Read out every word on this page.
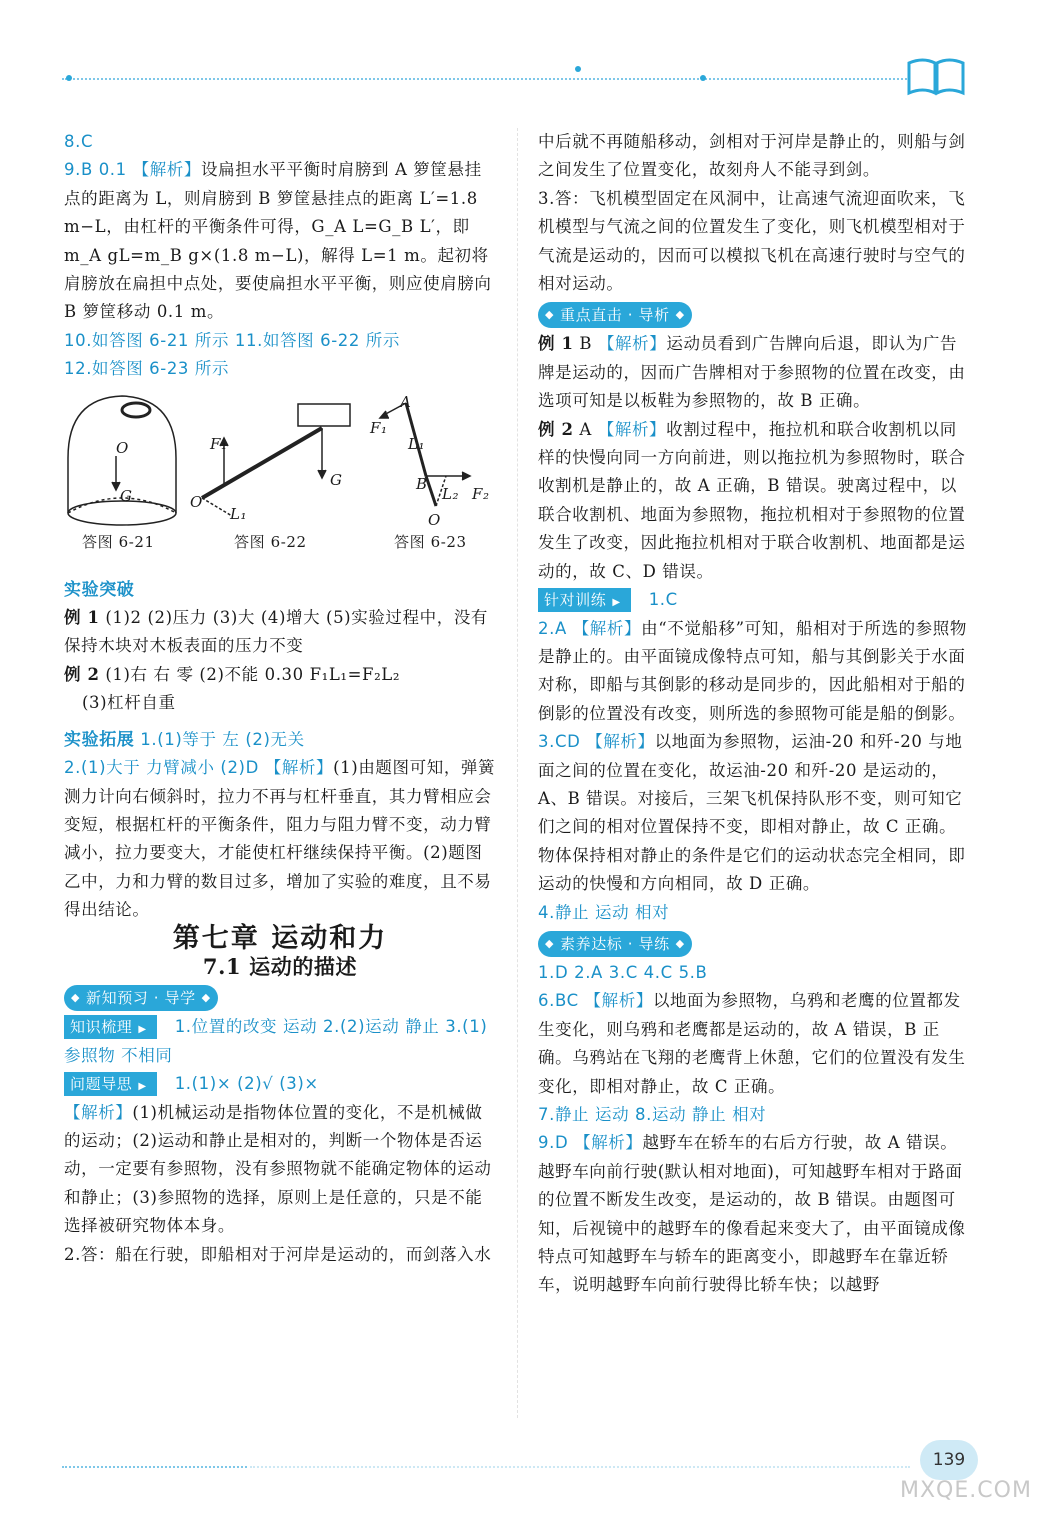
8.C

9.B 0.1 【解析】设扁担水平平衡时肩膀到 A 箩筐悬挂点的距离为 L，则肩膀到 B 箩筐悬挂点的距离 L′=1.8 m−L，由杠杆的平衡条件可得，G_A L=G_B L′，即 m_A gL=m_B g×(1.8 m−L)，解得 L=1 m。起初将肩膀放在扁担中点处，要使扁担水平平衡，则应使肩膀向 B 箩筐移动 0.1 m。

10.如答图 6-21 所示 11.如答图 6-22 所示

12.如答图 6-23 所示

O
G
F₁
O
L₁
G
A
F₁
L₁
B
L₂ F₂
O
答图 6-21	答图 6-22	答图 6-23

实验突破

例 1 (1)2 (2)压力 (3)大 (4)增大 (5)实验过程中，没有保持木块对木板表面的压力不变

例 2 (1)右 右 零 (2)不能 0.30 F₁L₁=F₂L₂

(3)杠杆自重

实验拓展 1.(1)等于 左 (2)无关

2.(1)大于 力臂减小 (2)D 【解析】(1)由题图可知，弹簧测力计向右倾斜时，拉力不再与杠杆垂直，其力臂相应会变短，根据杠杆的平衡条件，阻力与阻力臂不变，动力臂减小，拉力要变大，才能使杠杆继续保持平衡。(2)题图乙中，力和力臂的数目过多，增加了实验的难度，且不易得出结论。

第七章 运动和力

7.1 运动的描述

◆ 新知预习 · 导学 ◆

知识梳理 ▶	1.位置的改变 运动 2.(2)运动 静止 3.(1)参照物 不相同

问题导思 ▶	1.(1)× (2)√ (3)×

【解析】(1)机械运动是指物体位置的变化，不是机械做的运动；(2)运动和静止是相对的，判断一个物体是否运动，一定要有参照物，没有参照物就不能确定物体的运动和静止；(3)参照物的选择，原则上是任意的，只是不能选择被研究物体本身。

2.答：船在行驶，即船相对于河岸是运动的，而剑落入水

中后就不再随船移动，剑相对于河岸是静止的，则船与剑之间发生了位置变化，故刻舟人不能寻到剑。

3.答：飞机模型固定在风洞中，让高速气流迎面吹来，飞机模型与气流之间的位置发生了变化，则飞机模型相对于气流是运动的，因而可以模拟飞机在高速行驶时与空气的相对运动。

◆ 重点直击 · 导析 ◆

例 1 B 【解析】运动员看到广告牌向后退，即认为广告牌是运动的，因而广告牌相对于参照物的位置在改变，由选项可知是以板鞋为参照物的，故 B 正确。

例 2 A 【解析】收割过程中，拖拉机和联合收割机以同样的快慢向同一方向前进，则以拖拉机为参照物时，联合收割机是静止的，故 A 正确，B 错误。驶离过程中，以联合收割机、地面为参照物，拖拉机相对于参照物的位置发生了改变，因此拖拉机相对于联合收割机、地面都是运动的，故 C、D 错误。

针对训练 ▶	1.C

2.A 【解析】由“不觉船移”可知，船相对于所选的参照物是静止的。由平面镜成像特点可知，船与其倒影关于水面对称，即船与其倒影的移动是同步的，因此船相对于船的倒影的位置没有改变，则所选的参照物可能是船的倒影。

3.CD 【解析】以地面为参照物，运油-20 和歼-20 与地面之间的位置在变化，故运油-20 和歼-20 是运动的，A、B 错误。对接后，三架飞机保持队形不变，则可知它们之间的相对位置保持不变，即相对静止，故 C 正确。物体保持相对静止的条件是它们的运动状态完全相同，即运动的快慢和方向相同，故 D 正确。

4.静止 运动 相对

◆ 素养达标 · 导练 ◆

1.D 2.A 3.C 4.C 5.B

6.BC 【解析】以地面为参照物，乌鸦和老鹰的位置都发生变化，则乌鸦和老鹰都是运动的，故 A 错误，B 正确。乌鸦站在飞翔的老鹰背上休憩，它们的位置没有发生变化，即相对静止，故 C 正确。

7.静止 运动 8.运动 静止 相对

9.D 【解析】越野车在轿车的右后方行驶，故 A 错误。越野车向前行驶(默认相对地面)，可知越野车相对于路面的位置不断发生改变，是运动的，故 B 错误。由题图可知，后视镜中的越野车的像看起来变大了，由平面镜成像特点可知越野车与轿车的距离变小，即越野车在靠近轿车，说明越野车向前行驶得比轿车快；以越野

139
MXQE.COM
